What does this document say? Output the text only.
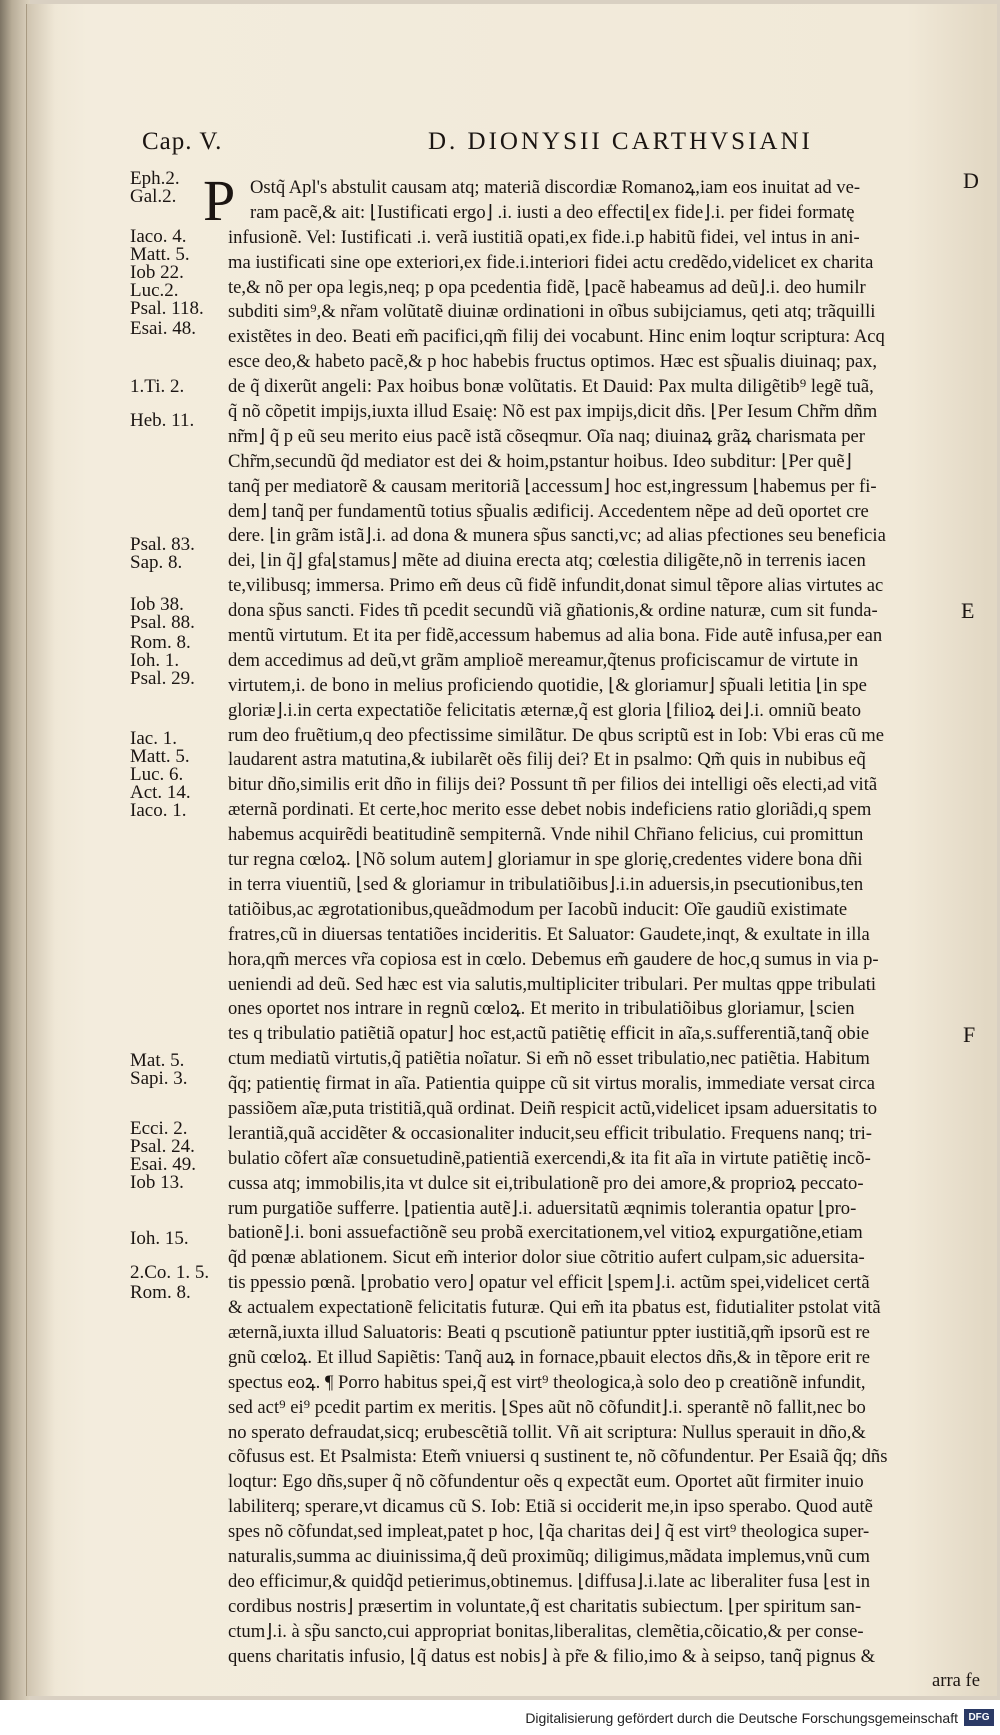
Cap. V.	D. DIONYSII CARTHVSIANI
D
E
F
P
Eph.2.
Gal.2.
Iaco. 4.
Matt. 5.
Iob 22.
Luc.2.
Psal. 118.
Esai. 48.
1.Ti. 2.
Heb. 11.
Psal. 83.
Sap. 8.
Iob 38.
Psal. 88.
Rom. 8.
Ioh. 1.
Psal. 29.
Iac. 1.
Matt. 5.
Luc. 6.
Act. 14.
Iaco. 1.
Mat. 5.
Sapi. 3.
Ecci. 2.
Psal. 24.
Esai. 49.
Iob 13.
Ioh. 15.
2.Co. 1. 5.
Rom. 8.
Ostq̃ Apl's abstulit causam atq; materiã discordiæ Romanoꝝ,iam eos inuitat ad ve-
ram pacẽ,& ait: ⌊Iustificati ergo⌋ .i. iusti a deo effecti⌊ex fide⌋.i. per fidei formatę
infusionẽ. Vel: Iustificati .i. verã iustitiã opati,ex fide.i.p habitũ fidei, vel intus in ani-
ma iustificati sine ope exteriori,ex fide.i.interiori fidei actu credẽdo,videlicet ex charita
te,& nõ per opa legis,neq; p opa pcedentia fidẽ, ⌊pacẽ habeamus ad deũ⌋.i. deo humilr
subditi sim⁹,& nr̃am volũtatẽ diuinæ ordinationi in oĩbus subijciamus, qeti atq; trãquilli
existẽtes in deo. Beati em̃ pacifici,qm̃ filij dei vocabunt. Hinc enim loqtur scriptura: Acq
esce deo,& habeto pacẽ,& p hoc habebis fructus optimos. Hæc est sp̃ualis diuinaq; pax,
de q̃ dixerũt angeli: Pax hoibus bonæ volũtatis. Et Dauid: Pax multa diligẽtib⁹ legẽ tuã,
q̃ nõ cõpetit impijs,iuxta illud Esaię: Nõ est pax impijs,dicit dñs. ⌊Per Iesum Chr̃m dñm
nr̃m⌋ q̃ p eũ seu merito eius pacẽ istã cõseqmur. Oĩa naq; diuinaꝝ grãꝝ charismata per
Chr̃m,secundũ q̃d mediator est dei & hoim,pstantur hoibus. Ideo subditur: ⌊Per quẽ⌋
tanq̃ per mediatorẽ & causam meritoriã ⌊accessum⌋ hoc est,ingressum ⌊habemus per fi-
dem⌋ tanq̃ per fundamentũ totius sp̃ualis ædificij. Accedentem nẽpe ad deũ oportet cre
dere. ⌊in grãm istã⌋.i. ad dona & munera sp̃us sancti,vc; ad alias pfectiones seu beneficia
dei, ⌊in q̃⌋ gfa⌊stamus⌋ mẽte ad diuina erecta atq; cœlestia diligẽte,nõ in terrenis iacen
te,vilibusq; immersa. Primo em̃ deus cũ fidẽ infundit,donat simul tẽpore alias virtutes ac
dona sp̃us sancti. Fides tñ pcedit secundũ viã gñationis,& ordine naturæ, cum sit funda-
mentũ virtutum. Et ita per fidẽ,accessum habemus ad alia bona. Fide autẽ infusa,per ean
dem accedimus ad deũ,vt grãm amplioẽ mereamur,q̃tenus proficiscamur de virtute in
virtutem,i. de bono in melius proficiendo quotidie, ⌊& gloriamur⌋ sp̃uali letitia ⌊in spe
gloriæ⌋.i.in certa expectatiõe felicitatis æternæ,q̃ est gloria ⌊filioꝝ dei⌋.i. omniũ beato
rum deo fruẽtium,q deo pfectissime similãtur. De qbus scriptũ est in Iob: Vbi eras cũ me
laudarent astra matutina,& iubilarẽt oẽs filij dei? Et in psalmo: Qm̃ quis in nubibus eq̃
bitur dño,similis erit dño in filijs dei? Possunt tñ per filios dei intelligi oẽs electi,ad vitã
æternã pordinati. Et certe,hoc merito esse debet nobis indeficiens ratio gloriãdi,q spem
habemus acquirẽdi beatitudinẽ sempiternã. Vnde nihil Chr̃iano felicius, cui promittun
tur regna cœloꝝ. ⌊Nõ solum autem⌋ gloriamur in spe glorię,credentes videre bona dñi
in terra viuentiũ, ⌊sed & gloriamur in tribulatiõibus⌋.i.in aduersis,in psecutionibus,ten
tatiõibus,ac ægrotationibus,queãdmodum per Iacobũ inducit: Oĩe gaudiũ existimate
fratres,cũ in diuersas tentatiões incideritis. Et Saluator: Gaudete,inqt, & exultate in illa
hora,qm̃ merces vr̃a copiosa est in cœlo. Debemus em̃ gaudere de hoc,q sumus in via p-
ueniendi ad deũ. Sed hæc est via salutis,multipliciter tribulari. Per multas qppe tribulati
ones oportet nos intrare in regnũ cœloꝝ. Et merito in tribulatiõibus gloriamur, ⌊scien
tes q tribulatio patiẽtiã opatur⌋ hoc est,actũ patiẽtię efficit in aĩa,s.sufferentiã,tanq̃ obie
ctum mediatũ virtutis,q̃ patiẽtia noĩatur. Si em̃ nõ esset tribulatio,nec patiẽtia. Habitum
q̃q; patientię firmat in aĩa. Patientia quippe cũ sit virtus moralis, immediate versat circa
passiõem aĩæ,puta tristitiã,quã ordinat. Deiñ respicit actũ,videlicet ipsam aduersitatis to
lerantiã,quã accidẽter & occasionaliter inducit,seu efficit tribulatio. Frequens nanq; tri-
bulatio cõfert aĩæ consuetudinẽ,patientiã exercendi,& ita fit aĩa in virtute patiẽtię incõ-
cussa atq; immobilis,ita vt dulce sit ei,tribulationẽ pro dei amore,& proprioꝝ peccato-
rum purgatiõe sufferre. ⌊patientia autẽ⌋.i. aduersitatũ æqnimis tolerantia opatur ⌊pro-
bationẽ⌋.i. boni assuefactiõnẽ seu probã exercitationem,vel vitioꝝ expurgatiõne,etiam
q̃d pœnæ ablationem. Sicut em̃ interior dolor siue cõtritio aufert culpam,sic aduersita-
tis ppessio pœnã. ⌊probatio vero⌋ opatur vel efficit ⌊spem⌋.i. actũm spei,videlicet certã
& actualem expectationẽ felicitatis futuræ. Qui em̃ ita pbatus est, fidutialiter pstolat vitã
æternã,iuxta illud Saluatoris: Beati q pscutionẽ patiuntur ppter iustitiã,qm̃ ipsorũ est re
gnũ cœloꝝ. Et illud Sapiẽtis: Tanq̃ auꝝ in fornace,pbauit electos dñs,& in tẽpore erit re
spectus eoꝝ. ¶ Porro habitus spei,q̃ est virt⁹ theologica,à solo deo p creatiõnẽ infundit,
sed act⁹ ei⁹ pcedit partim ex meritis. ⌊Spes aũt nõ cõfundit⌋.i. sperantẽ nõ fallit,nec bo
no sperato defraudat,sicq; erubescẽtiã tollit. Vñ ait scriptura: Nullus sperauit in dño,&
cõfusus est. Et Psalmista: Etem̃ vniuersi q sustinent te, nõ cõfundentur. Per Esaiã q̃q; dñs
loqtur: Ego dñs,super q̃ nõ cõfundentur oẽs q expectãt eum. Oportet aũt firmiter inuio
labiliterq; sperare,vt dicamus cũ S. Iob: Etiã si occiderit me,in ipso sperabo. Quod autẽ
spes nõ cõfundat,sed impleat,patet p hoc, ⌊q̃a charitas dei⌋ q̃ est virt⁹ theologica super-
naturalis,summa ac diuinissima,q̃ deũ proximũq; diligimus,mãdata implemus,vnũ cum
deo efficimur,& quidq̃d petierimus,obtinemus. ⌊diffusa⌋.i.late ac liberaliter fusa ⌊est in
cordibus nostris⌋ præsertim in voluntate,q̃ est charitatis subiectum. ⌊per spiritum san-
ctum⌋.i. à sp̃u sancto,cui appropriat bonitas,liberalitas, clemẽtia,cõicatio,& per conse-
quens charitatis infusio, ⌊q̃ datus est nobis⌋ à pr̃e & filio,imo & à seipso, tanq̃ pignus &
arra fe
Digitalisierung gefördert durch die Deutsche Forschungsgemeinschaft	DFG
